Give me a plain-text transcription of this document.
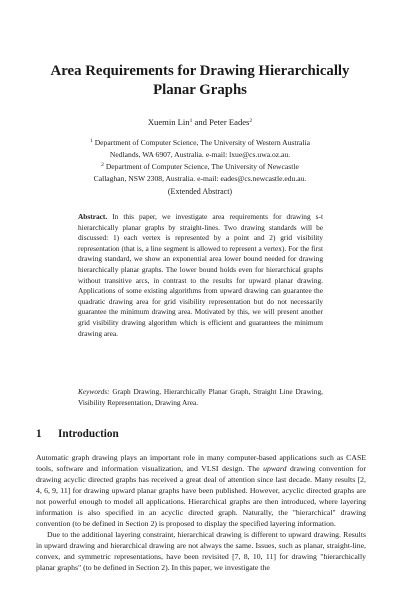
Area Requirements for Drawing Hierarchically Planar Graphs
Xuemin Lin$^1$ and Peter Eades$^2$
$^1$ Department of Computer Science, The University of Western Australia
Nedlands, WA 6907, Australia. e-mail: lxue@cs.uwa.oz.au.
$^2$ Department of Computer Science, The University of Newcastle
Callaghan, NSW 2308, Australia. e-mail: eades@cs.newcastle.edu.au.
(Extended Abstract)
Abstract. In this paper, we investigate area requirements for drawing s-t hierarchically planar graphs by straight-lines. Two drawing standards will be discussed: 1) each vertex is represented by a point and 2) grid visibility representation (that is, a line segment is allowed to represent a vertex). For the first drawing standard, we show an exponential area lower bound needed for drawing hierarchically planar graphs. The lower bound holds even for hierarchical graphs without transitive arcs, in contrast to the results for upward planar drawing. Applications of some existing algorithms from upward drawing can guarantee the quadratic drawing area for grid visibility representation but do not necessarily guarantee the minimum drawing area. Motivated by this, we will present another grid visibility drawing algorithm which is efficient and guarantees the minimum drawing area.
Keywords: Graph Drawing, Hierarchically Planar Graph, Straight Line Drawing, Visibility Representation, Drawing Area.
1 Introduction

Automatic graph drawing plays an important role in many computer-based applications such as CASE tools, software and information visualization, and VLSI design. The upward drawing convention for drawing acyclic directed graphs has received a great deal of attention since last decade. Many results [2, 4, 6, 9, 11] for drawing upward planar graphs have been published. However, acyclic directed graphs are not powerful enough to model all applications. Hierarchical graphs are then introduced, where layering information is also specified in an acyclic directed graph. Naturally, the "hierarchical" drawing convention (to be defined in Section 2) is proposed to display the specified layering information.

Due to the additional layering constraint, hierarchical drawing is different to upward drawing. Results in upward drawing and hierarchical drawing are not always the same. Issues, such as planar, straight-line, convex, and symmetric representations, have been revisited [7, 8, 10, 11] for drawing "hierarchically planar graphs" (to be defined in Section 2). In this paper, we investigate the
